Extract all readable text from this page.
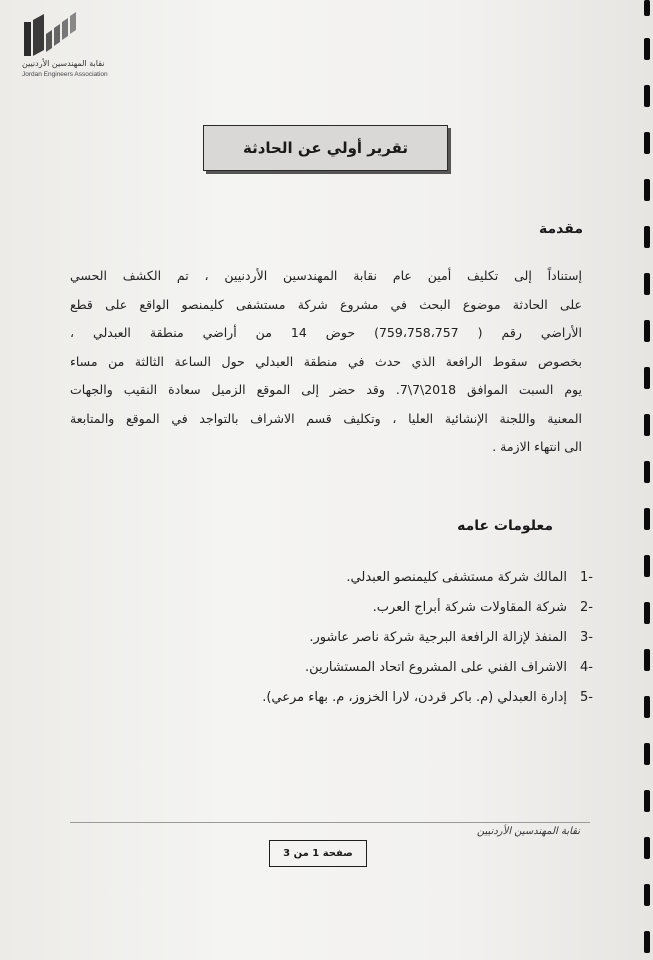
نقابة المهندسين الأردنيين
Jordan Engineers Association
تقرير أولي عن الحادثة
مقدمة
إستناداً إلى تكليف أمين عام نقابة المهندسين الأردنيين ، تم الكشف الحسي
على الحادثة موضوع البحث في مشروع شركة مستشفى كليمنصو الواقع على قطع
الأراضي رقم ( 759،758،757) حوض 14 من أراضي منطقة العبدلي ،
بخصوص سقوط الرافعة الذي حدث في منطقة العبدلي حول الساعة الثالثة من مساء
يوم السبت الموافق 2018\7\7. وقد حضر إلى الموقع الزميل سعادة النقيب والجهات
المعنية واللجنة الإنشائية العليا ، وتكليف قسم الاشراف بالتواجد في الموقع والمتابعة
الى انتهاء الازمة .
معلومات عامه
-1
المالك شركة مستشفى كليمنصو العبدلي.
-2
شركة المقاولات شركة أبراج العرب.
-3
المنفذ لإزالة الرافعة البرجية شركة ناصر عاشور.
-4
الاشراف الفني على المشروع اتحاد المستشارين.
-5
إدارة العبدلي (م. باكر قردن، لارا الخزوز، م. بهاء مرعي).
نقابة المهندسين الأردنيين
صفحة 1 من 3
